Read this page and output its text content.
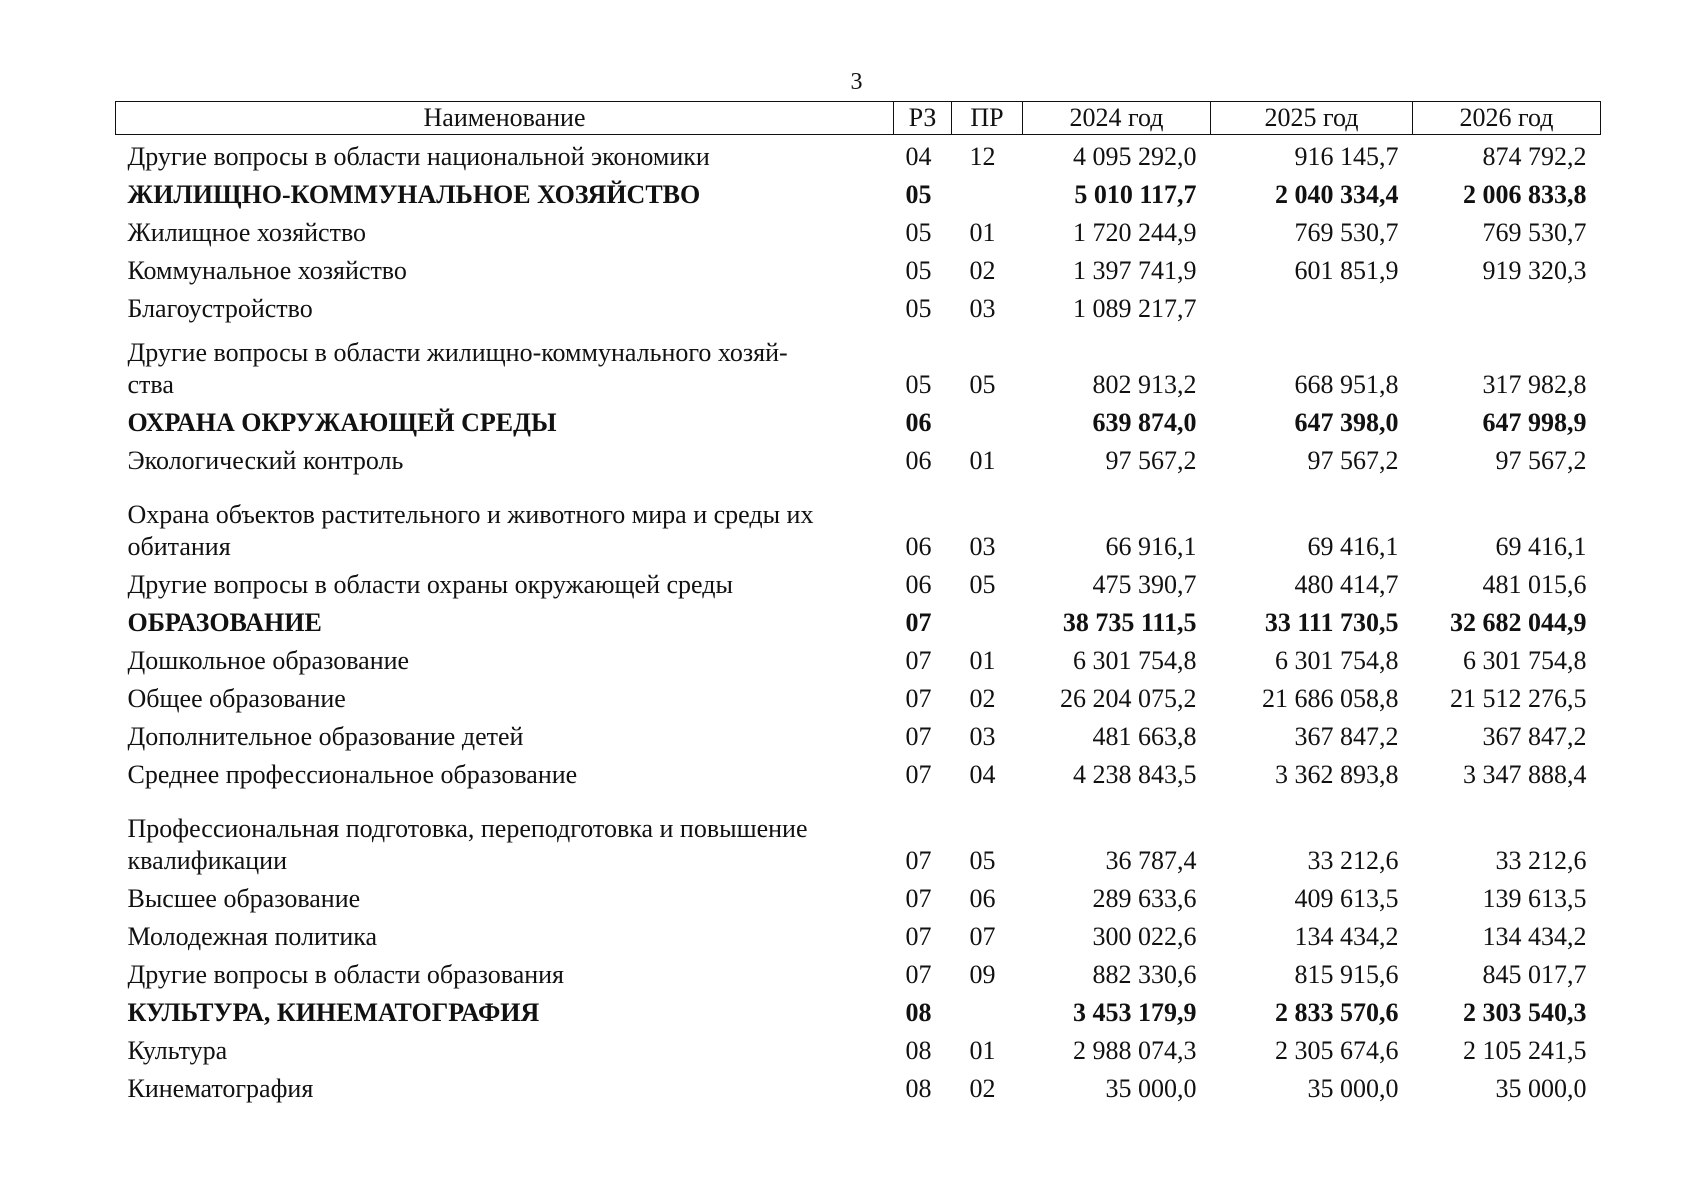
3
Наименование	РЗ	ПР	2024 год	2025 год	2026 год
Другие вопросы в области национальной экономики	04	12	4 095 292,0	916 145,7	874 792,2
ЖИЛИЩНО-КОММУНАЛЬНОЕ ХОЗЯЙСТВО	05		5 010 117,7	2 040 334,4	2 006 833,8
Жилищное хозяйство	05	01	1 720 244,9	769 530,7	769 530,7
Коммунальное хозяйство	05	02	1 397 741,9	601 851,9	919 320,3
Благоустройство	05	03	1 089 217,7		
Другие вопросы в области жилищно-коммунального хозяй-
ства	05	05	802 913,2	668 951,8	317 982,8
ОХРАНА ОКРУЖАЮЩЕЙ СРЕДЫ	06		639 874,0	647 398,0	647 998,9
Экологический контроль	06	01	97 567,2	97 567,2	97 567,2
Охрана объектов растительного и животного мира и среды их
обитания	06	03	66 916,1	69 416,1	69 416,1
Другие вопросы в области охраны окружающей среды	06	05	475 390,7	480 414,7	481 015,6
ОБРАЗОВАНИЕ	07		38 735 111,5	33 111 730,5	32 682 044,9
Дошкольное образование	07	01	6 301 754,8	6 301 754,8	6 301 754,8
Общее образование	07	02	26 204 075,2	21 686 058,8	21 512 276,5
Дополнительное образование детей	07	03	481 663,8	367 847,2	367 847,2
Среднее профессиональное образование	07	04	4 238 843,5	3 362 893,8	3 347 888,4
Профессиональная подготовка, переподготовка и повышение
квалификации	07	05	36 787,4	33 212,6	33 212,6
Высшее образование	07	06	289 633,6	409 613,5	139 613,5
Молодежная политика	07	07	300 022,6	134 434,2	134 434,2
Другие вопросы в области образования	07	09	882 330,6	815 915,6	845 017,7
КУЛЬТУРА, КИНЕМАТОГРАФИЯ	08		3 453 179,9	2 833 570,6	2 303 540,3
Культура	08	01	2 988 074,3	2 305 674,6	2 105 241,5
Кинематография	08	02	35 000,0	35 000,0	35 000,0
